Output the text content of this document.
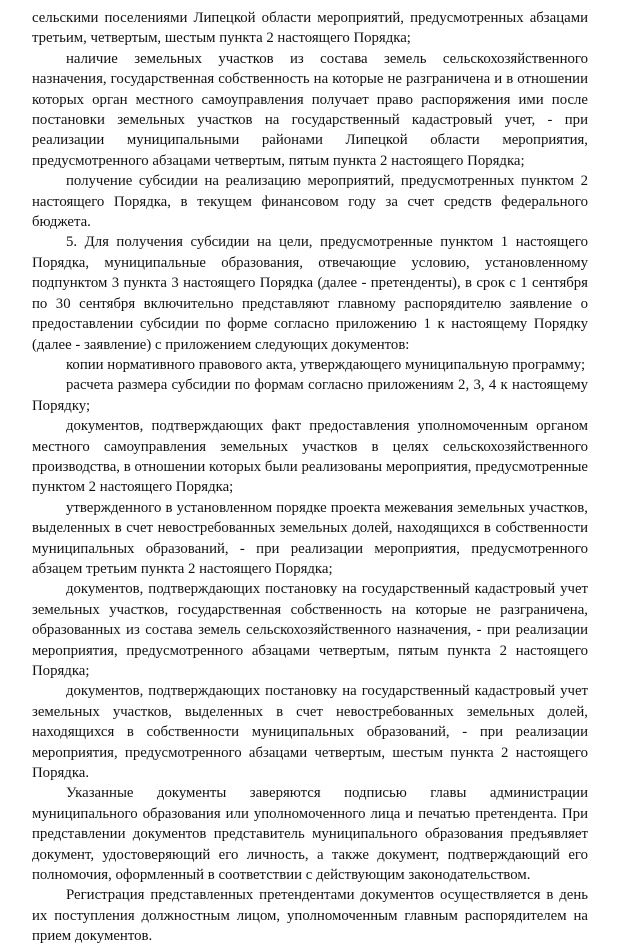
сельскими поселениями Липецкой области мероприятий, предусмотренных абзацами третьим, четвертым, шестым пункта 2 настоящего Порядка;

наличие земельных участков из состава земель сельскохозяйственного назначения, государственная собственность на которые не разграничена и в отношении которых орган местного самоуправления получает право распоряжения ими после постановки земельных участков на государственный кадастровый учет, - при реализации муниципальными районами Липецкой области мероприятия, предусмотренного абзацами четвертым, пятым пункта 2 настоящего Порядка;

получение субсидии на реализацию мероприятий, предусмотренных пунктом 2 настоящего Порядка, в текущем финансовом году за счет средств федерального бюджета.

5. Для получения субсидии на цели, предусмотренные пунктом 1 настоящего Порядка, муниципальные образования, отвечающие условию, установленному подпунктом 3 пункта 3 настоящего Порядка (далее - претенденты), в срок с 1 сентября по 30 сентября включительно представляют главному распорядителю заявление о предоставлении субсидии по форме согласно приложению 1 к настоящему Порядку (далее - заявление) с приложением следующих документов:

копии нормативного правового акта, утверждающего муниципальную программу;

расчета размера субсидии по формам согласно приложениям 2, 3, 4 к настоящему Порядку;

документов, подтверждающих факт предоставления уполномоченным органом местного самоуправления земельных участков в целях сельскохозяйственного производства, в отношении которых были реализованы мероприятия, предусмотренные пунктом 2 настоящего Порядка;

утвержденного в установленном порядке проекта межевания земельных участков, выделенных в счет невостребованных земельных долей, находящихся в собственности муниципальных образований, - при реализации мероприятия, предусмотренного абзацем третьим пункта 2 настоящего Порядка;

документов, подтверждающих постановку на государственный кадастровый учет земельных участков, государственная собственность на которые не разграничена, образованных из состава земель сельскохозяйственного назначения, - при реализации мероприятия, предусмотренного абзацами четвертым, пятым пункта 2 настоящего Порядка;

документов, подтверждающих постановку на государственный кадастровый учет земельных участков, выделенных в счет невостребованных земельных долей, находящихся в собственности муниципальных образований, - при реализации мероприятия, предусмотренного абзацами четвертым, шестым пункта 2 настоящего Порядка.

Указанные документы заверяются подписью главы администрации муниципального образования или уполномоченного лица и печатью претендента. При представлении документов представитель муниципального образования предъявляет документ, удостоверяющий его личность, а также документ, подтверждающий его полномочия, оформленный в соответствии с действующим законодательством.

Регистрация представленных претендентами документов осуществляется в день их поступления должностным лицом, уполномоченным главным распорядителем на прием документов.
